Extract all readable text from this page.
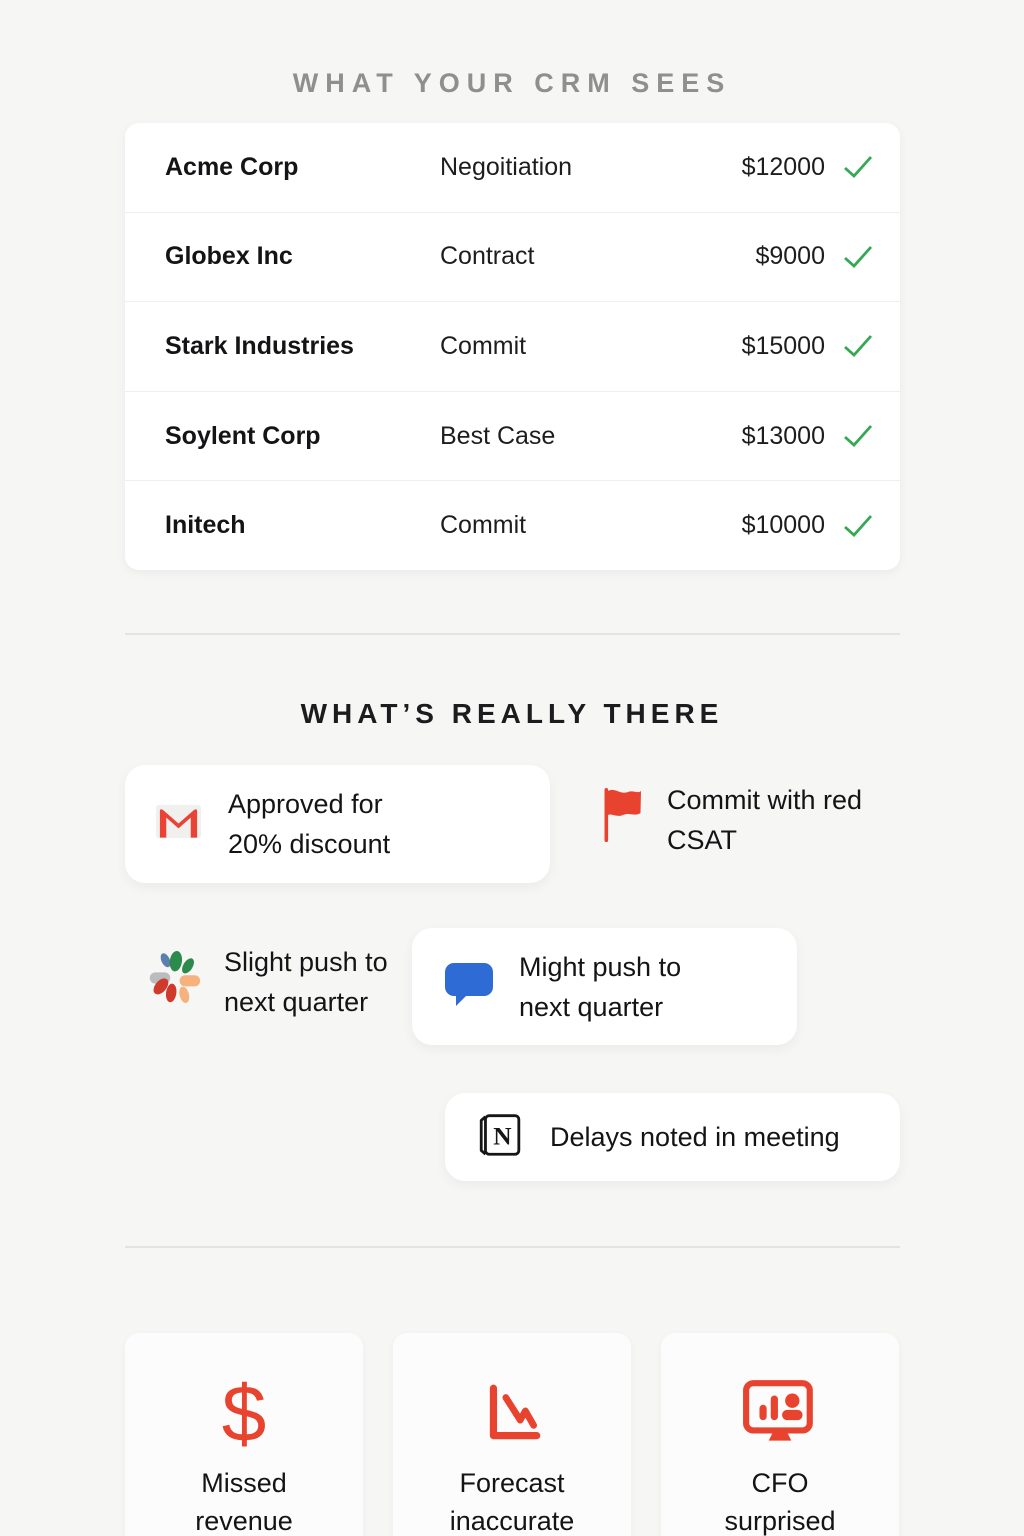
WHAT YOUR CRM SEES
Acme Corp	Negoitiation	$12000
Globex Inc	Contract	$9000
Stark Industries	Commit	$15000
Soylent Corp	Best Case	$13000
Initech	Commit	$10000
WHAT’S REALLY THERE
Approved for 20% discount
Commit with red CSAT
Slight push to next quarter
Might push to next quarter
N Delays noted in meeting
$
Missed revenue
Forecast inaccurate
CFO surprised
